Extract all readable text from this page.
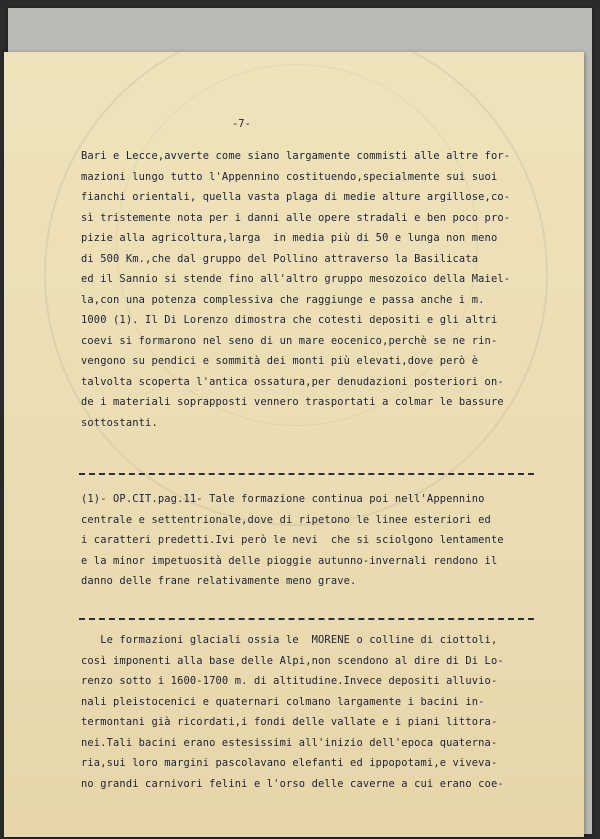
-7-
Bari e Lecce,avverte come siano largamente commisti alle altre for-
mazioni lungo tutto l'Appennino costituendo,specialmente sui suoi
fianchi orientali, quella vasta plaga di medie alture argillose,co-
sì tristemente nota per i danni alle opere stradali e ben poco pro-
pizie alla agricoltura,larga  in media più di 50 e lunga non meno
di 500 Km.,che dal gruppo del Pollino attraverso la Basilicata
ed il Sannio si stende fino all'altro gruppo mesozoico della Maiel-
la,con una potenza complessiva che raggiunge e passa anche i m.
1000 (1). Il Di Lorenzo dimostra che cotesti depositi e gli altri
coevi si formarono nel seno di un mare eocenico,perchè se ne rin-
vengono su pendici e sommità dei monti più elevati,dove però è
talvolta scoperta l'antica ossatura,per denudazioni posteriori on-
de i materiali soprapposti vennero trasportati a colmar le bassure
sottostanti.
(1)- OP.CIT.pag.11- Tale formazione continua poi nell'Appennino
centrale e settentrionale,dove di ripetono le linee esteriori ed
i caratteri predetti.Ivi però le nevi  che si sciolgono lentamente
e la minor impetuosità delle pioggie autunno-invernali rendono il
danno delle frane relativamente meno grave.
Le formazioni glaciali ossia le  MORENE o colline di ciottoli,
così imponenti alla base delle Alpi,non scendono al dire di Di Lo-
renzo sotto i 1600-1700 m. di altitudine.Invece depositi alluvio-
nali pleistocenici e quaternari colmano largamente i bacini in-
termontani già ricordati,i fondi delle vallate e i piani littora-
nei.Tali bacini erano estesissimi all'inizio dell'epoca quaterna-
ria,sui loro margini pascolavano elefanti ed ippopotami,e viveva-
no grandi carnivori felini e l'orso delle caverne a cui erano coe-
